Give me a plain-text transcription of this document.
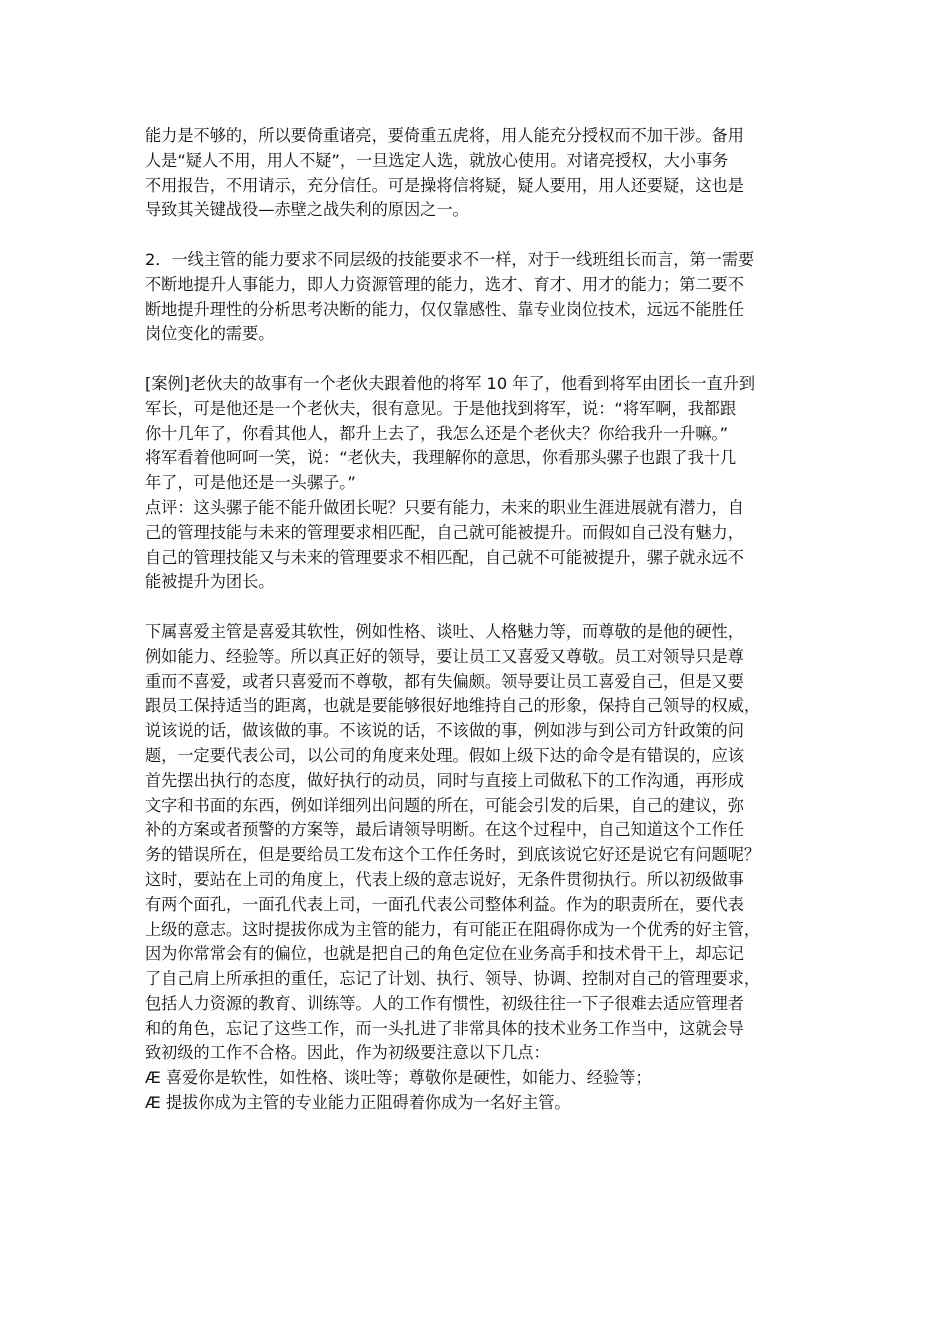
能力是不够的，所以要倚重诸亮，要倚重五虎将，用人能充分授权而不加干涉。备用
人是“疑人不用，用人不疑”，一旦选定人选，就放心使用。对诸亮授权，大小事务
不用报告，不用请示，充分信任。可是操将信将疑，疑人要用，用人还要疑，这也是
导致其关键战役—赤壁之战失利的原因之一。
2．一线主管的能力要求不同层级的技能要求不一样，对于一线班组长而言，第一需要
不断地提升人事能力，即人力资源管理的能力，选才、育才、用才的能力；第二要不
断地提升理性的分析思考决断的能力，仅仅靠感性、靠专业岗位技术，远远不能胜任
岗位变化的需要。
[案例]老伙夫的故事有一个老伙夫跟着他的将军 10 年了，他看到将军由团长一直升到
军长，可是他还是一个老伙夫，很有意见。于是他找到将军，说：“将军啊，我都跟
你十几年了，你看其他人，都升上去了，我怎么还是个老伙夫？你给我升一升嘛。”
将军看着他呵呵一笑，说：“老伙夫，我理解你的意思，你看那头骡子也跟了我十几
年了，可是他还是一头骡子。”
点评：这头骡子能不能升做团长呢？只要有能力，未来的职业生涯进展就有潜力，自
己的管理技能与未来的管理要求相匹配，自己就可能被提升。而假如自己没有魅力，
自己的管理技能又与未来的管理要求不相匹配，自己就不可能被提升，骡子就永远不
能被提升为团长。
下属喜爱主管是喜爱其软性，例如性格、谈吐、人格魅力等，而尊敬的是他的硬性，
例如能力、经验等。所以真正好的领导，要让员工又喜爱又尊敬。员工对领导只是尊
重而不喜爱，或者只喜爱而不尊敬，都有失偏颇。领导要让员工喜爱自己，但是又要
跟员工保持适当的距离，也就是要能够很好地维持自己的形象，保持自己领导的权威，
说该说的话，做该做的事。不该说的话，不该做的事，例如涉与到公司方针政策的问
题，一定要代表公司，以公司的角度来处理。假如上级下达的命令是有错误的，应该
首先摆出执行的态度，做好执行的动员，同时与直接上司做私下的工作沟通，再形成
文字和书面的东西，例如详细列出问题的所在，可能会引发的后果，自己的建议，弥
补的方案或者预警的方案等，最后请领导明断。在这个过程中，自己知道这个工作任
务的错误所在，但是要给员工发布这个工作任务时，到底该说它好还是说它有问题呢？
这时，要站在上司的角度上，代表上级的意志说好，无条件贯彻执行。所以初级做事
有两个面孔，一面孔代表上司，一面孔代表公司整体利益。作为的职责所在，要代表
上级的意志。这时提拔你成为主管的能力，有可能正在阻碍你成为一个优秀的好主管，
因为你常常会有的偏位，也就是把自己的角色定位在业务高手和技术骨干上，却忘记
了自己肩上所承担的重任，忘记了计划、执行、领导、协调、控制对自己的管理要求，
包括人力资源的教育、训练等。人的工作有惯性，初级往往一下子很难去适应管理者
和的角色，忘记了这些工作，而一头扎进了非常具体的技术业务工作当中，这就会导
致初级的工作不合格。因此，作为初级要注意以下几点：
Æ 喜爱你是软性，如性格、谈吐等；尊敬你是硬性，如能力、经验等；
Æ 提拔你成为主管的专业能力正阻碍着你成为一名好主管。
